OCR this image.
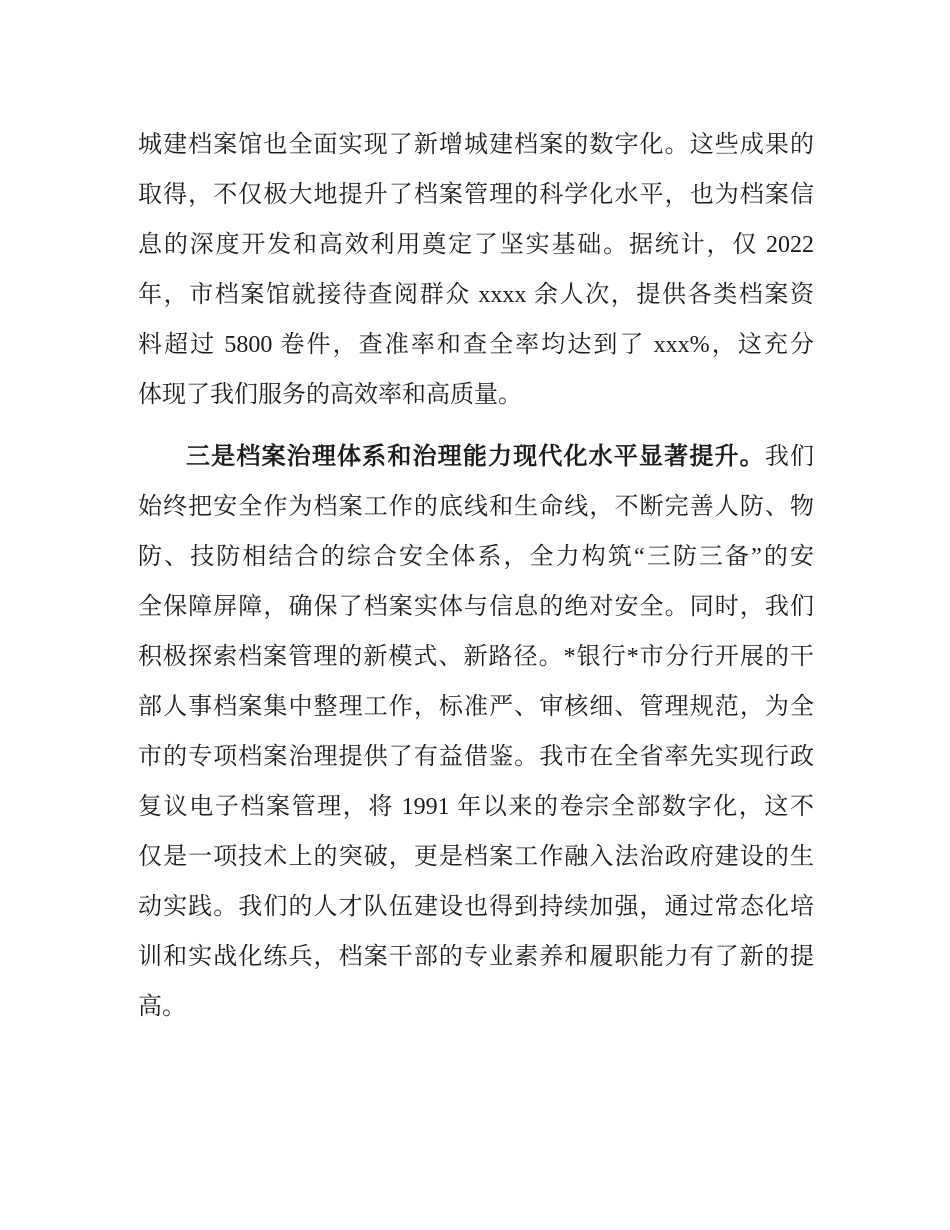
城建档案馆也全面实现了新增城建档案的数字化。这些成果的
取得，不仅极大地提升了档案管理的科学化水平，也为档案信
息的深度开发和高效利用奠定了坚实基础。据统计，仅 2022
年，市档案馆就接待查阅群众 xxxx 余人次，提供各类档案资
料超过 5800 卷件，查准率和查全率均达到了 xxx%，这充分
体现了我们服务的高效率和高质量。
三是档案治理体系和治理能力现代化水平显著提升。我们
始终把安全作为档案工作的底线和生命线，不断完善人防、物
防、技防相结合的综合安全体系，全力构筑“三防三备”的安
全保障屏障，确保了档案实体与信息的绝对安全。同时，我们
积极探索档案管理的新模式、新路径。*银行*市分行开展的干
部人事档案集中整理工作，标准严、审核细、管理规范，为全
市的专项档案治理提供了有益借鉴。我市在全省率先实现行政
复议电子档案管理，将 1991 年以来的卷宗全部数字化，这不
仅是一项技术上的突破，更是档案工作融入法治政府建设的生
动实践。我们的人才队伍建设也得到持续加强，通过常态化培
训和实战化练兵，档案干部的专业素养和履职能力有了新的提
高。
